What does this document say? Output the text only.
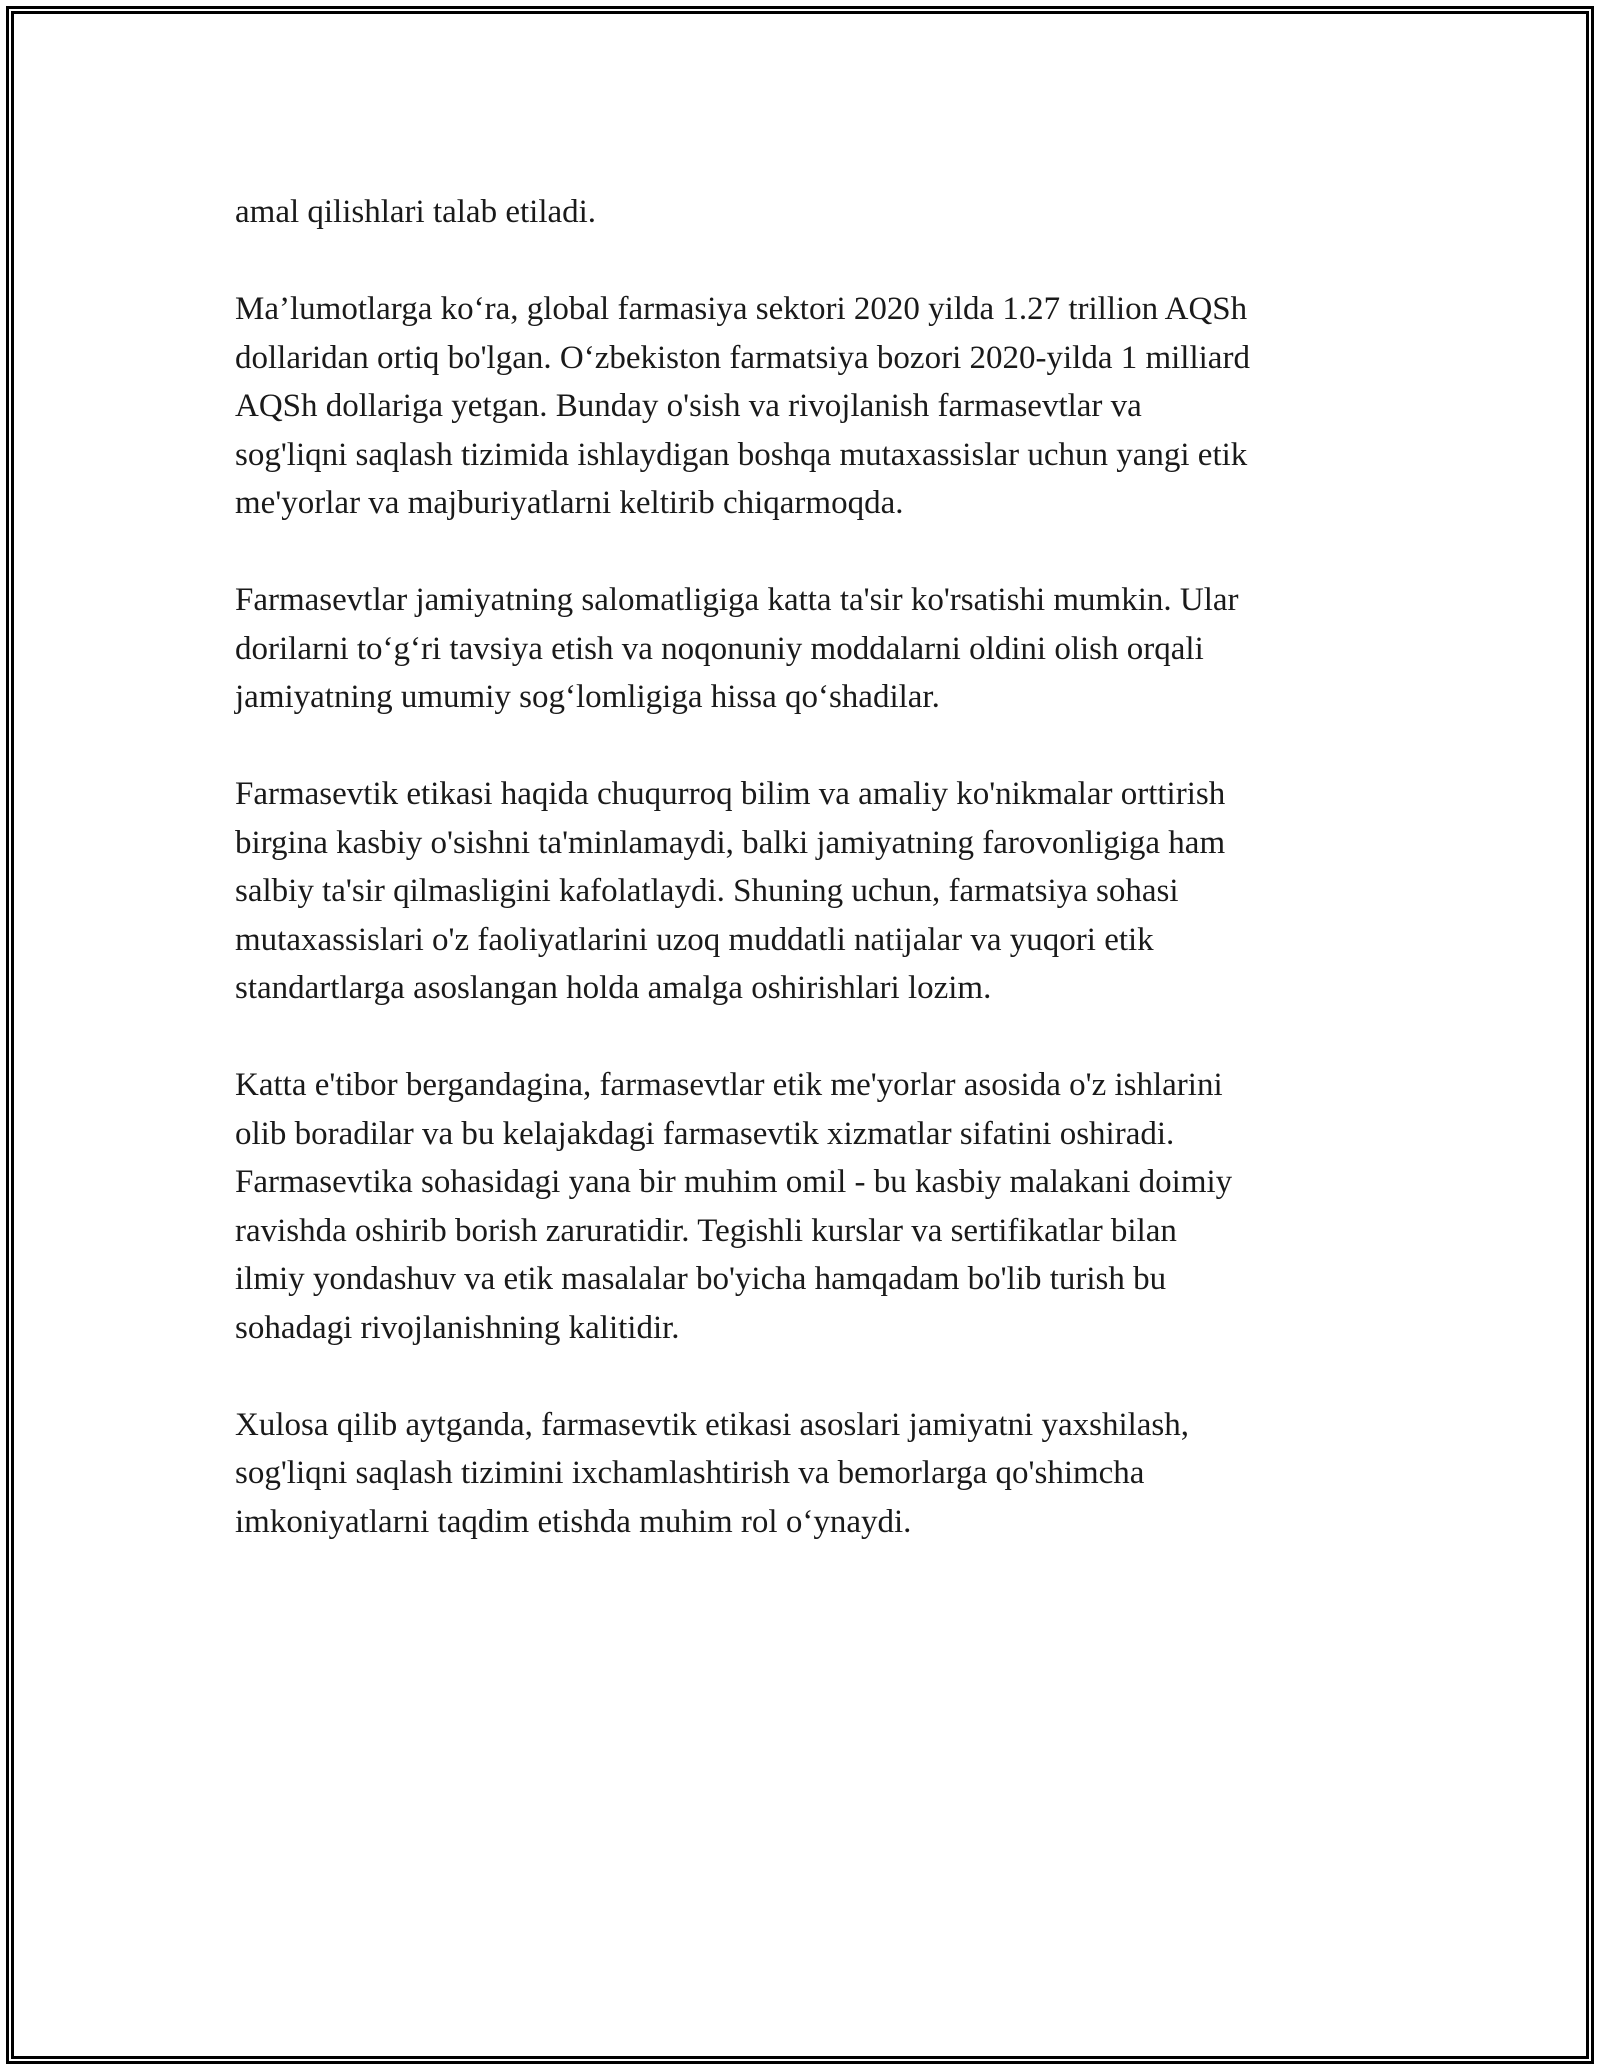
amal qilishlari talab etiladi.

Ma’lumotlarga ko‘ra, global farmasiya sektori 2020 yilda 1.27 trillion AQSh
dollaridan ortiq bo'lgan. O‘zbekiston farmatsiya bozori 2020-yilda 1 milliard
AQSh dollariga yetgan. Bunday o'sish va rivojlanish farmasevtlar va
sog'liqni saqlash tizimida ishlaydigan boshqa mutaxassislar uchun yangi etik
me'yorlar va majburiyatlarni keltirib chiqarmoqda.

Farmasevtlar jamiyatning salomatligiga katta ta'sir ko'rsatishi mumkin. Ular
dorilarni to‘g‘ri tavsiya etish va noqonuniy moddalarni oldini olish orqali
jamiyatning umumiy sog‘lomligiga hissa qo‘shadilar.

Farmasevtik etikasi haqida chuqurroq bilim va amaliy ko'nikmalar orttirish
birgina kasbiy o'sishni ta'minlamaydi, balki jamiyatning farovonligiga ham
salbiy ta'sir qilmasligini kafolatlaydi. Shuning uchun, farmatsiya sohasi
mutaxassislari o'z faoliyatlarini uzoq muddatli natijalar va yuqori etik
standartlarga asoslangan holda amalga oshirishlari lozim.

Katta e'tibor bergandagina, farmasevtlar etik me'yorlar asosida o'z ishlarini
olib boradilar va bu kelajakdagi farmasevtik xizmatlar sifatini oshiradi.
Farmasevtika sohasidagi yana bir muhim omil - bu kasbiy malakani doimiy
ravishda oshirib borish zaruratidir. Tegishli kurslar va sertifikatlar bilan
ilmiy yondashuv va etik masalalar bo'yicha hamqadam bo'lib turish bu
sohadagi rivojlanishning kalitidir.

Xulosa qilib aytganda, farmasevtik etikasi asoslari jamiyatni yaxshilash,
sog'liqni saqlash tizimini ixchamlashtirish va bemorlarga qo'shimcha
imkoniyatlarni taqdim etishda muhim rol o‘ynaydi.
